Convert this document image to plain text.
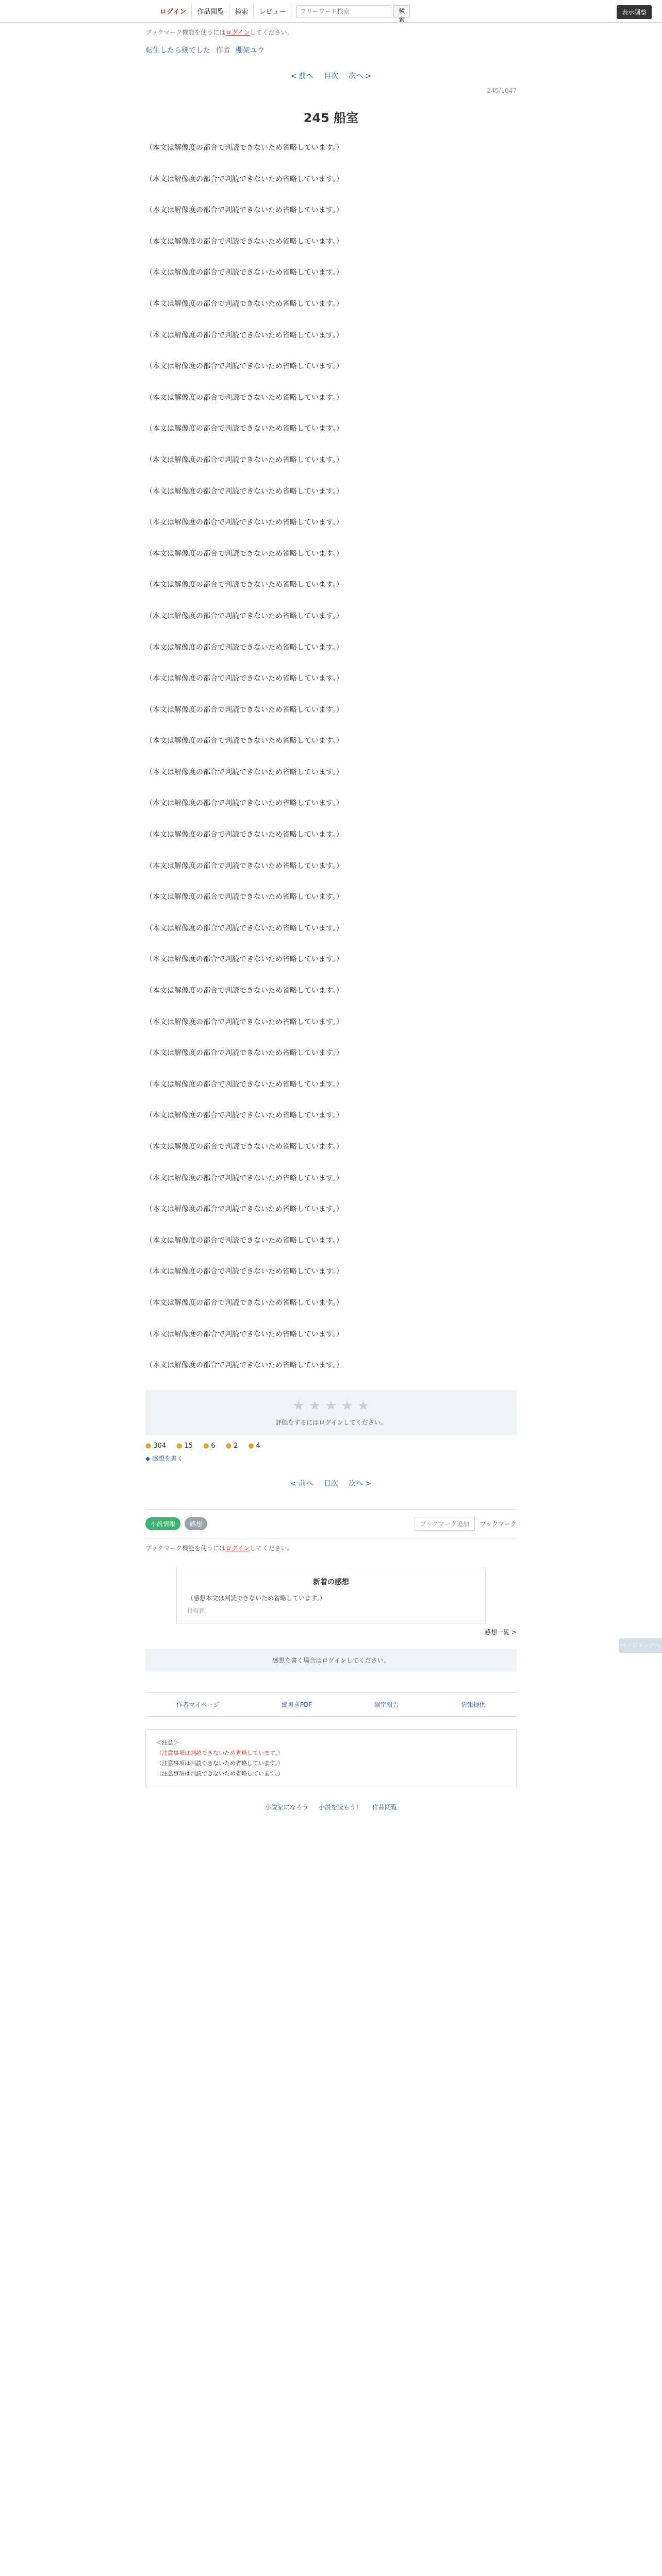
ログイン	作品閲覧	検索	レビュー
フリーワード検索	検索
表示調整
ブックマーク機能を使うにはログインしてください。
転生したら剣でした 作者 棚架ユウ
< 前へ 目次 次へ >
245/1047
245 船室

（本文は解像度の都合で判読できないため省略しています。）

（本文は解像度の都合で判読できないため省略しています。）

（本文は解像度の都合で判読できないため省略しています。）

（本文は解像度の都合で判読できないため省略しています。）

（本文は解像度の都合で判読できないため省略しています。）

（本文は解像度の都合で判読できないため省略しています。）

（本文は解像度の都合で判読できないため省略しています。）

（本文は解像度の都合で判読できないため省略しています。）

（本文は解像度の都合で判読できないため省略しています。）

（本文は解像度の都合で判読できないため省略しています。）

（本文は解像度の都合で判読できないため省略しています。）

（本文は解像度の都合で判読できないため省略しています。）

（本文は解像度の都合で判読できないため省略しています。）

（本文は解像度の都合で判読できないため省略しています。）

（本文は解像度の都合で判読できないため省略しています。）

（本文は解像度の都合で判読できないため省略しています。）

（本文は解像度の都合で判読できないため省略しています。）

（本文は解像度の都合で判読できないため省略しています。）

（本文は解像度の都合で判読できないため省略しています。）

（本文は解像度の都合で判読できないため省略しています。）

（本文は解像度の都合で判読できないため省略しています。）

（本文は解像度の都合で判読できないため省略しています。）

（本文は解像度の都合で判読できないため省略しています。）

（本文は解像度の都合で判読できないため省略しています。）

（本文は解像度の都合で判読できないため省略しています。）

（本文は解像度の都合で判読できないため省略しています。）

（本文は解像度の都合で判読できないため省略しています。）

（本文は解像度の都合で判読できないため省略しています。）

（本文は解像度の都合で判読できないため省略しています。）

（本文は解像度の都合で判読できないため省略しています。）

（本文は解像度の都合で判読できないため省略しています。）

（本文は解像度の都合で判読できないため省略しています。）

（本文は解像度の都合で判読できないため省略しています。）

（本文は解像度の都合で判読できないため省略しています。）

（本文は解像度の都合で判読できないため省略しています。）

（本文は解像度の都合で判読できないため省略しています。）

（本文は解像度の都合で判読できないため省略しています。）

（本文は解像度の都合で判読できないため省略しています。）

（本文は解像度の都合で判読できないため省略しています。）

（本文は解像度の都合で判読できないため省略しています。）

★ ★ ★ ★ ★
評価をするにはログインしてください。
● 304 ● 15 ● 6 ● 2 ● 4
◆ 感想を書く
< 前へ 目次 次へ >
小説情報	感想	ブックマーク追加	ブックマーク
ブックマーク機能を使うにはログインしてください。
新着の感想
（感想本文は判読できないため省略しています。）
投稿者
感想一覧 >
感想を書く場合はログインしてください。
作者マイページ	縦書きPDF	誤字報告	情報提供
＜注意＞
（注意事項は判読できないため省略しています。）
（注意事項は判読できないため省略しています。）
（注意事項は判読できないため省略しています。）
小説家になろう 小説を読もう！ 作品閲覧
ページトップへ
